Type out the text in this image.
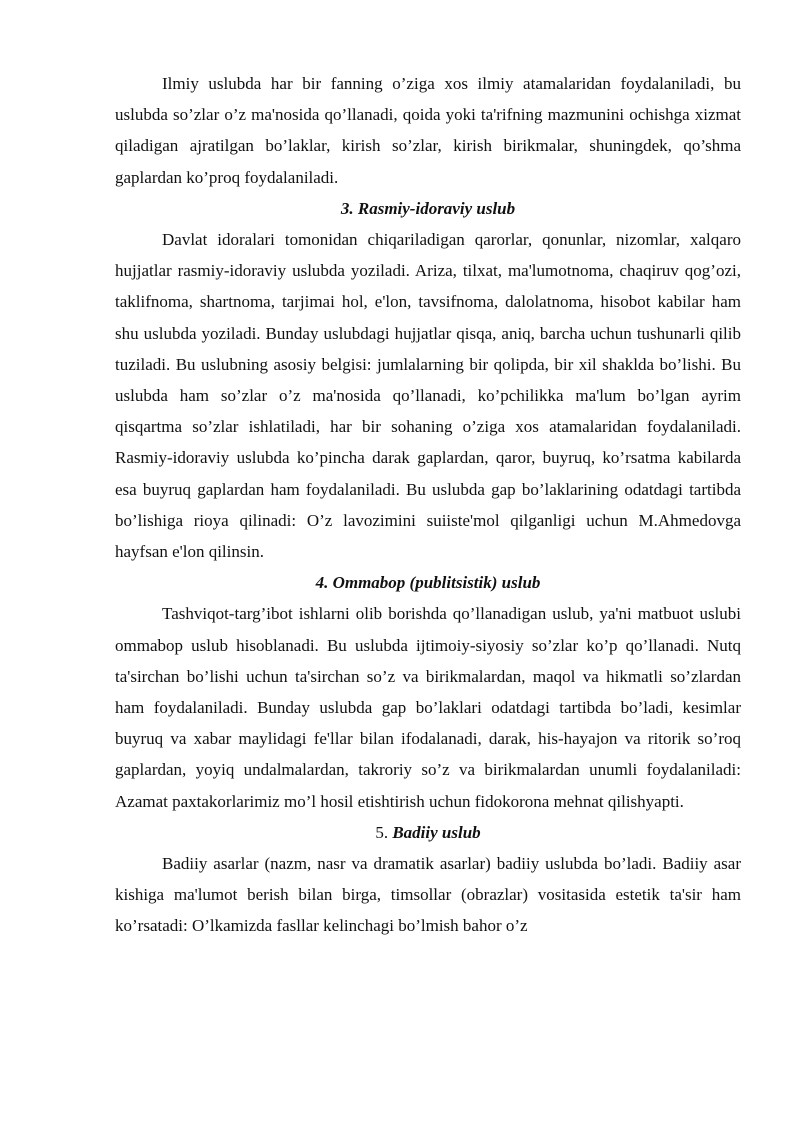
Ilmiy uslubda har bir fanning o’ziga xos ilmiy atamalaridan foydalaniladi, bu uslubda so’zlar o’z ma'nosida qo’llanadi, qoida yoki ta'rifning mazmunini ochishga xizmat qiladigan ajratilgan bo’laklar, kirish so’zlar, kirish birikmalar, shuningdek, qo’shma gaplardan ko’proq foydalaniladi.

3. Rasmiy-idoraviy uslub

Davlat idoralari tomonidan chiqariladigan qarorlar, qonunlar, nizomlar, xalqaro hujjatlar rasmiy-idoraviy uslubda yoziladi. Ariza, tilxat, ma'lumotnoma, chaqiruv qog’ozi, taklifnoma, shartnoma, tarjimai hol, e'lon, tavsifnoma, dalolatnoma, hisobot kabilar ham shu uslubda yoziladi. Bunday uslubdagi hujjatlar qisqa, aniq, barcha uchun tushunarli qilib tuziladi. Bu uslubning asosiy belgisi: jumlalarning bir qolipda, bir xil shaklda bo’lishi. Bu uslubda ham so’zlar o’z ma'nosida qo’llanadi, ko’pchilikka ma'lum bo’lgan ayrim qisqartma so’zlar ishlatiladi, har bir sohaning o’ziga xos atamalaridan foydalaniladi. Rasmiy-idoraviy uslubda ko’pincha darak gaplardan, qaror, buyruq, ko’rsatma kabilarda esa buyruq gaplardan ham foydalaniladi. Bu uslubda gap bo’laklarining odatdagi tartibda bo’lishiga rioya qilinadi: O’z lavozimini suiiste'mol qilganligi uchun M.Ahmedovga hayfsan e'lon qilinsin.

4. Ommabop (publitsistik) uslub

Tashviqot-targ’ibot ishlarni olib borishda qo’llanadigan uslub, ya'ni matbuot uslubi ommabop uslub hisoblanadi. Bu uslubda ijtimoiy-siyosiy so’zlar ko’p qo’llanadi. Nutq ta'sirchan bo’lishi uchun ta'sirchan so’z va birikmalardan, maqol va hikmatli so’zlardan ham foydalaniladi. Bunday uslubda gap bo’laklari odatdagi tartibda bo’ladi, kesimlar buyruq va xabar maylidagi fe'llar bilan ifodalanadi, darak, his-hayajon va ritorik so’roq gaplardan, yoyiq undalmalardan, takroriy so’z va birikmalardan unumli foydalaniladi: Azamat paxtakorlarimiz mo’l hosil etishtirish uchun fidokorona mehnat qilishyapti.

5. Badiiy uslub

Badiiy asarlar (nazm, nasr va dramatik asarlar) badiiy uslubda bo’ladi. Badiiy asar kishiga ma'lumot berish bilan birga, timsollar (obrazlar) vositasida estetik ta'sir ham ko’rsatadi: O’lkamizda fasllar kelinchagi bo’lmish bahor o’z
